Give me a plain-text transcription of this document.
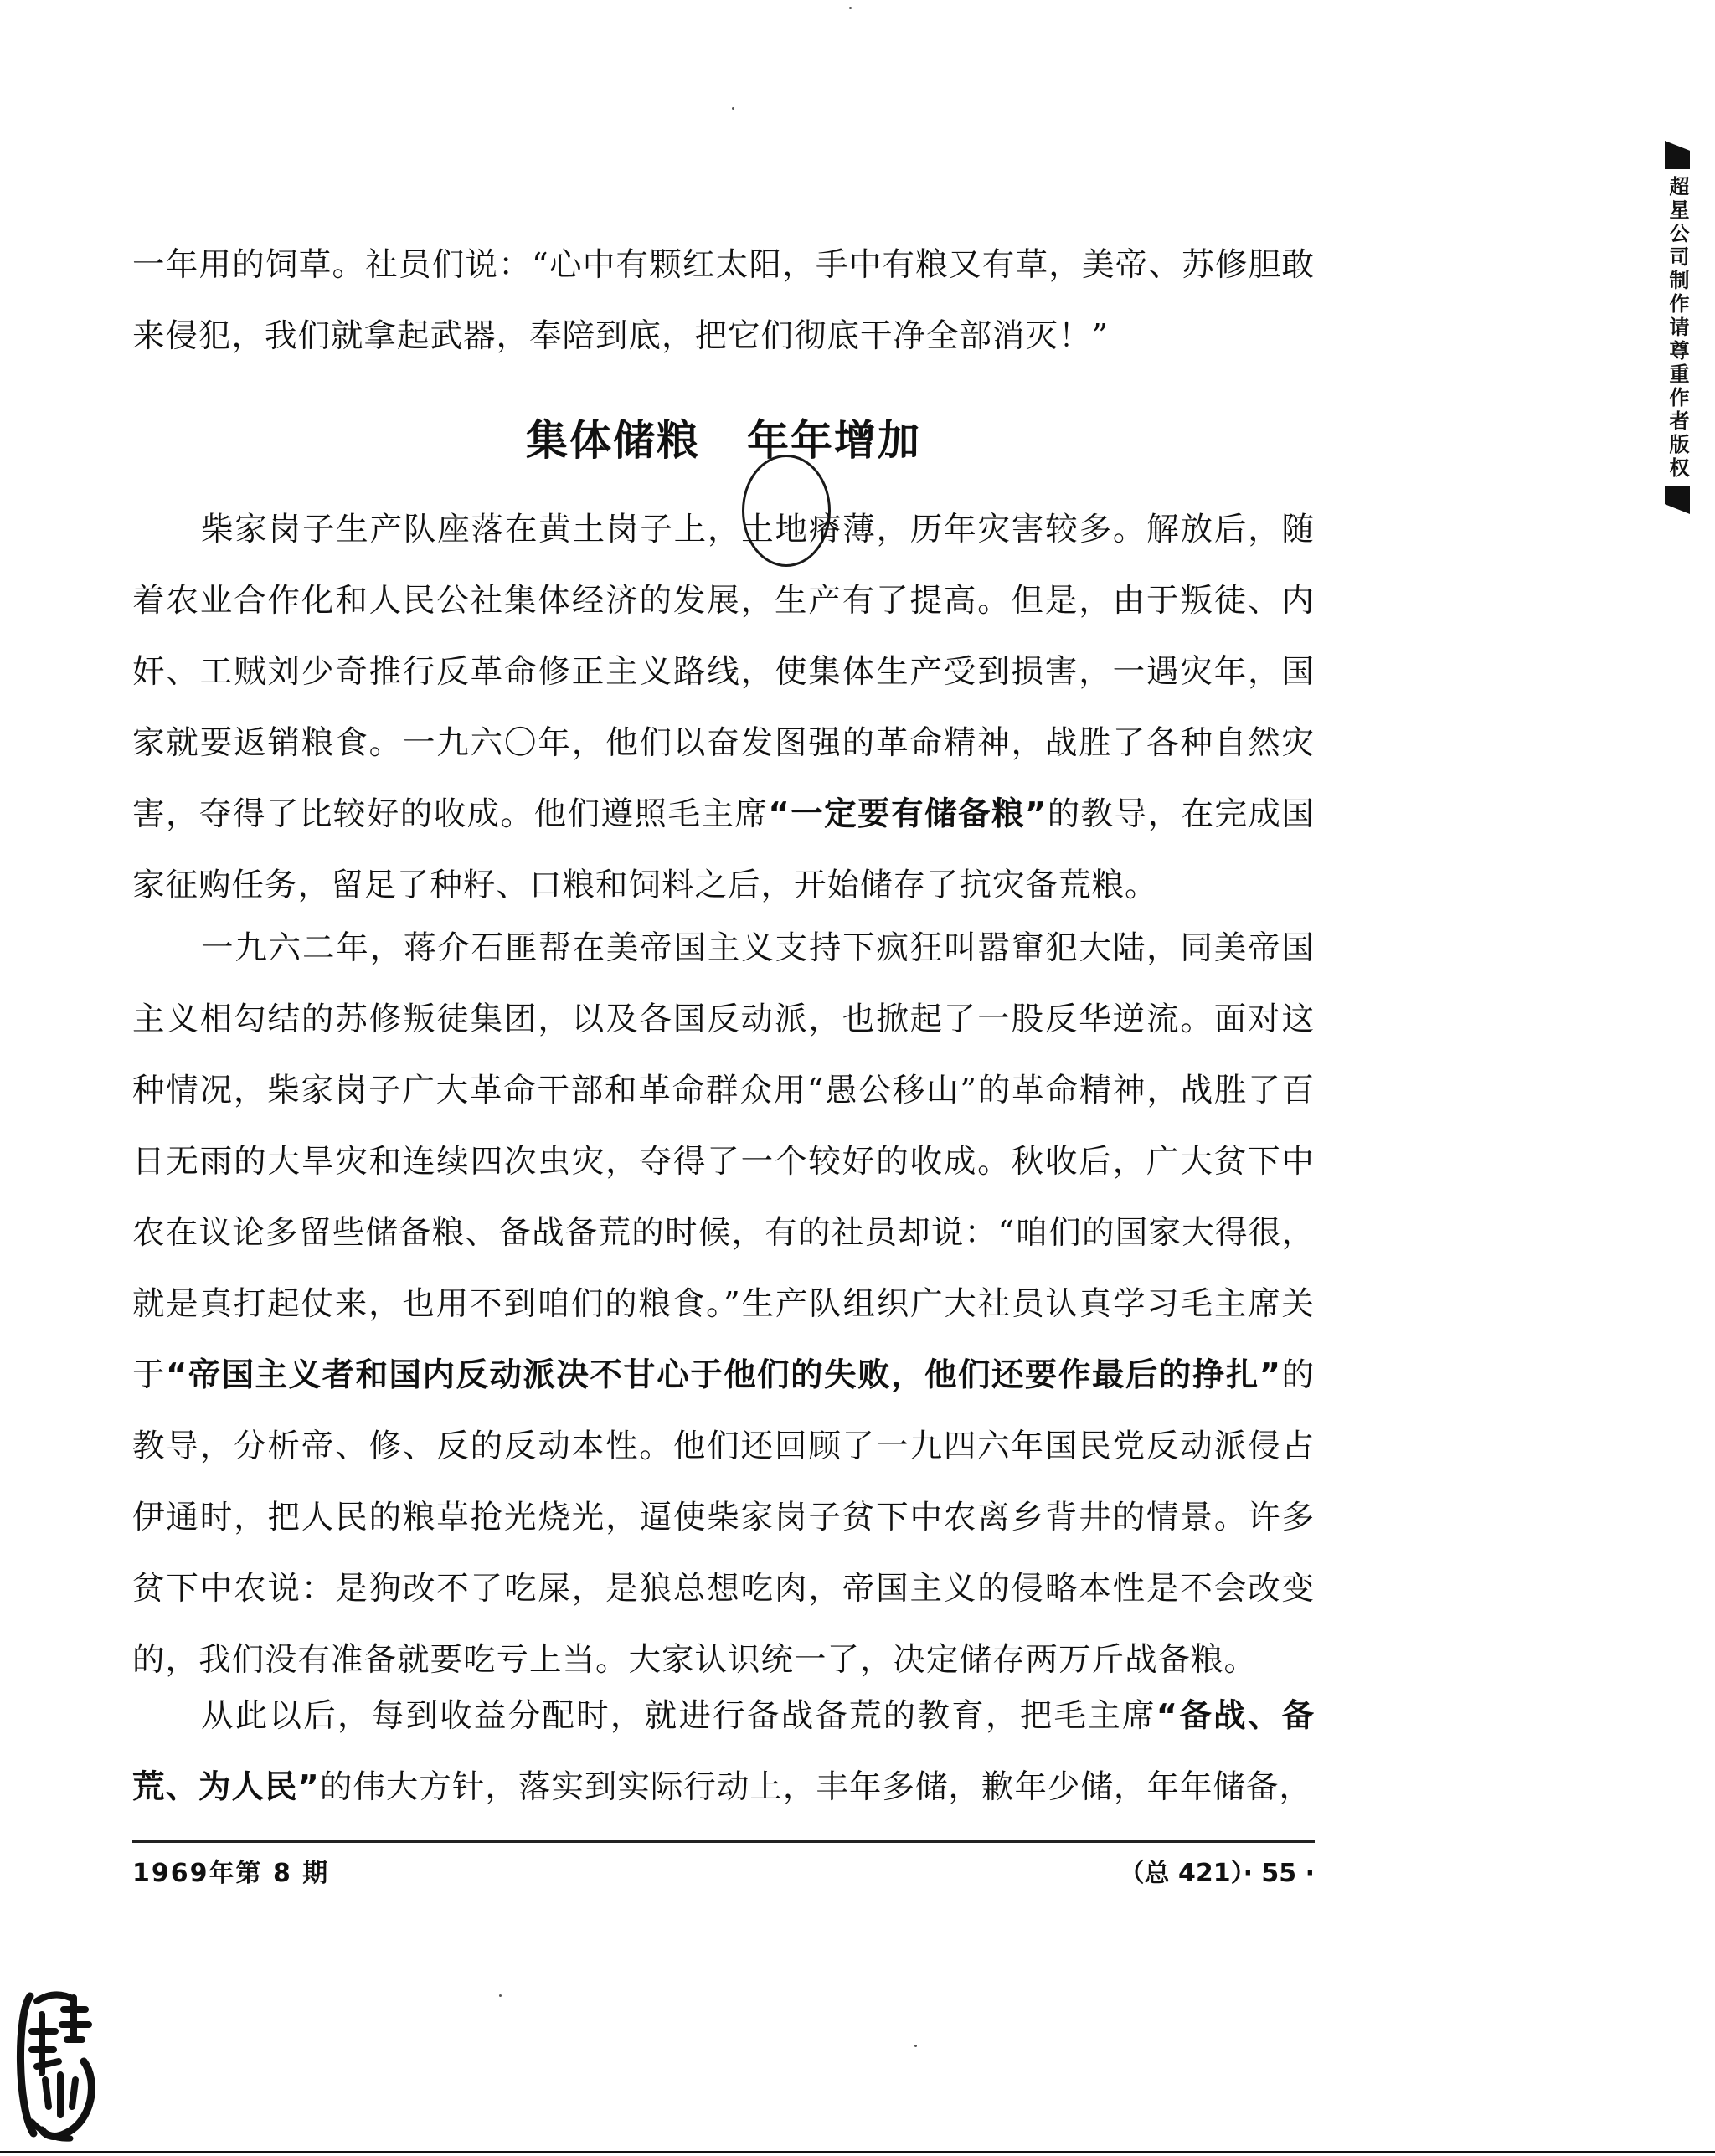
一年用的饲草。社员们说：“心中有颗红太阳，手中有粮又有草，美帝、苏修胆敢来侵犯，我们就拿起武器，奉陪到底，把它们彻底干净全部消灭！”

集体储粮 年年增加

柴家岗子生产队座落在黄土岗子上，土地瘠薄，历年灾害较多。解放后，随着农业合作化和人民公社集体经济的发展，生产有了提高。但是，由于叛徒、内奸、工贼刘少奇推行反革命修正主义路线，使集体生产受到损害，一遇灾年，国家就要返销粮食。一九六〇年，他们以奋发图强的革命精神，战胜了各种自然灾害，夺得了比较好的收成。他们遵照毛主席“一定要有储备粮”的教导，在完成国家征购任务，留足了种籽、口粮和饲料之后，开始储存了抗灾备荒粮。

一九六二年，蒋介石匪帮在美帝国主义支持下疯狂叫嚣窜犯大陆，同美帝国主义相勾结的苏修叛徒集团，以及各国反动派，也掀起了一股反华逆流。面对这种情况，柴家岗子广大革命干部和革命群众用“愚公移山”的革命精神，战胜了百日无雨的大旱灾和连续四次虫灾，夺得了一个较好的收成。秋收后，广大贫下中农在议论多留些储备粮、备战备荒的时候，有的社员却说：“咱们的国家大得很，就是真打起仗来，也用不到咱们的粮食。”生产队组织广大社员认真学习毛主席关于“帝国主义者和国内反动派决不甘心于他们的失败，他们还要作最后的挣扎”的教导，分析帝、修、反的反动本性。他们还回顾了一九四六年国民党反动派侵占伊通时，把人民的粮草抢光烧光，逼使柴家岗子贫下中农离乡背井的情景。许多贫下中农说：是狗改不了吃屎，是狼总想吃肉，帝国主义的侵略本性是不会改变的，我们没有准备就要吃亏上当。大家认识统一了，决定储存两万斤战备粮。

从此以后，每到收益分配时，就进行备战备荒的教育，把毛主席“备战、备荒、为人民”的伟大方针，落实到实际行动上，丰年多储，歉年少储，年年储备，

1969年第 8 期	（总 421）· 55 ·
超星公司制作请尊重作者版权
